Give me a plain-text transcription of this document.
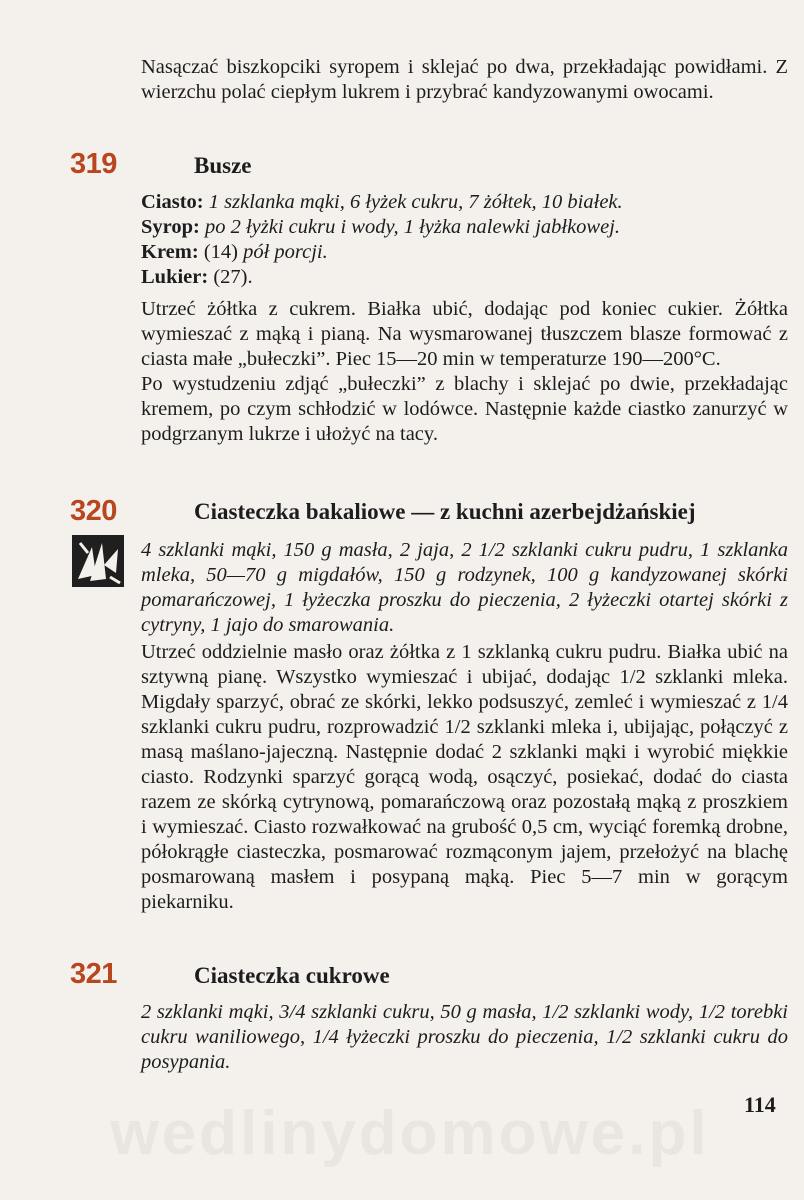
Nasączać biszkopciki syropem i sklejać po dwa, przekładając powidłami. Z wierzchu polać ciepłym lukrem i przybrać kandyzowanymi owocami.

319	Busze

Ciasto: 1 szklanka mąki, 6 łyżek cukru, 7 żółtek, 10 białek.

Syrop: po 2 łyżki cukru i wody, 1 łyżka nalewki jabłkowej.

Krem: (14) pół porcji.

Lukier: (27).

Utrzeć żółtka z cukrem. Białka ubić, dodając pod koniec cukier. Żółtka wymieszać z mąką i pianą. Na wysmarowanej tłuszczem blasze formować z ciasta małe „bułeczki”. Piec 15—20 min w temperaturze 190—200°C.

Po wystudzeniu zdjąć „bułeczki” z blachy i sklejać po dwie, przekładając kremem, po czym schłodzić w lodówce. Następnie każde ciastko zanurzyć w podgrzanym lukrze i ułożyć na tacy.

320	Ciasteczka bakaliowe — z kuchni azerbejdżańskiej

4 szklanki mąki, 150 g masła, 2 jaja, 2 1/2 szklanki cukru pudru, 1 szklanka mleka, 50—70 g migdałów, 150 g rodzynek, 100 g kandyzowanej skórki pomarańczowej, 1 łyżeczka proszku do pieczenia, 2 łyżeczki otartej skórki z cytryny, 1 jajo do smarowania.

Utrzeć oddzielnie masło oraz żółtka z 1 szklanką cukru pudru. Białka ubić na sztywną pianę. Wszystko wymieszać i ubijać, dodając 1/2 szklanki mleka. Migdały sparzyć, obrać ze skórki, lekko podsuszyć, zemleć i wymieszać z 1/4 szklanki cukru pudru, rozprowadzić 1/2 szklanki mleka i, ubijając, połączyć z masą maślano-jajeczną. Następnie dodać 2 szklanki mąki i wyrobić miękkie ciasto. Rodzynki sparzyć gorącą wodą, osączyć, posiekać, dodać do ciasta razem ze skórką cytrynową, pomarańczową oraz pozostałą mąką z proszkiem i wymieszać. Ciasto rozwałkować na grubość 0,5 cm, wyciąć foremką drobne, półokrągłe ciasteczka, posmarować rozmąconym jajem, przełożyć na blachę posmarowaną masłem i posypaną mąką. Piec 5—7 min w gorącym piekarniku.

321	Ciasteczka cukrowe

2 szklanki mąki, 3/4 szklanki cukru, 50 g masła, 1/2 szklanki wody, 1/2 torebki cukru waniliowego, 1/4 łyżeczki proszku do pieczenia, 1/2 szklanki cukru do posypania.

wedlinydomowe.pl	114
